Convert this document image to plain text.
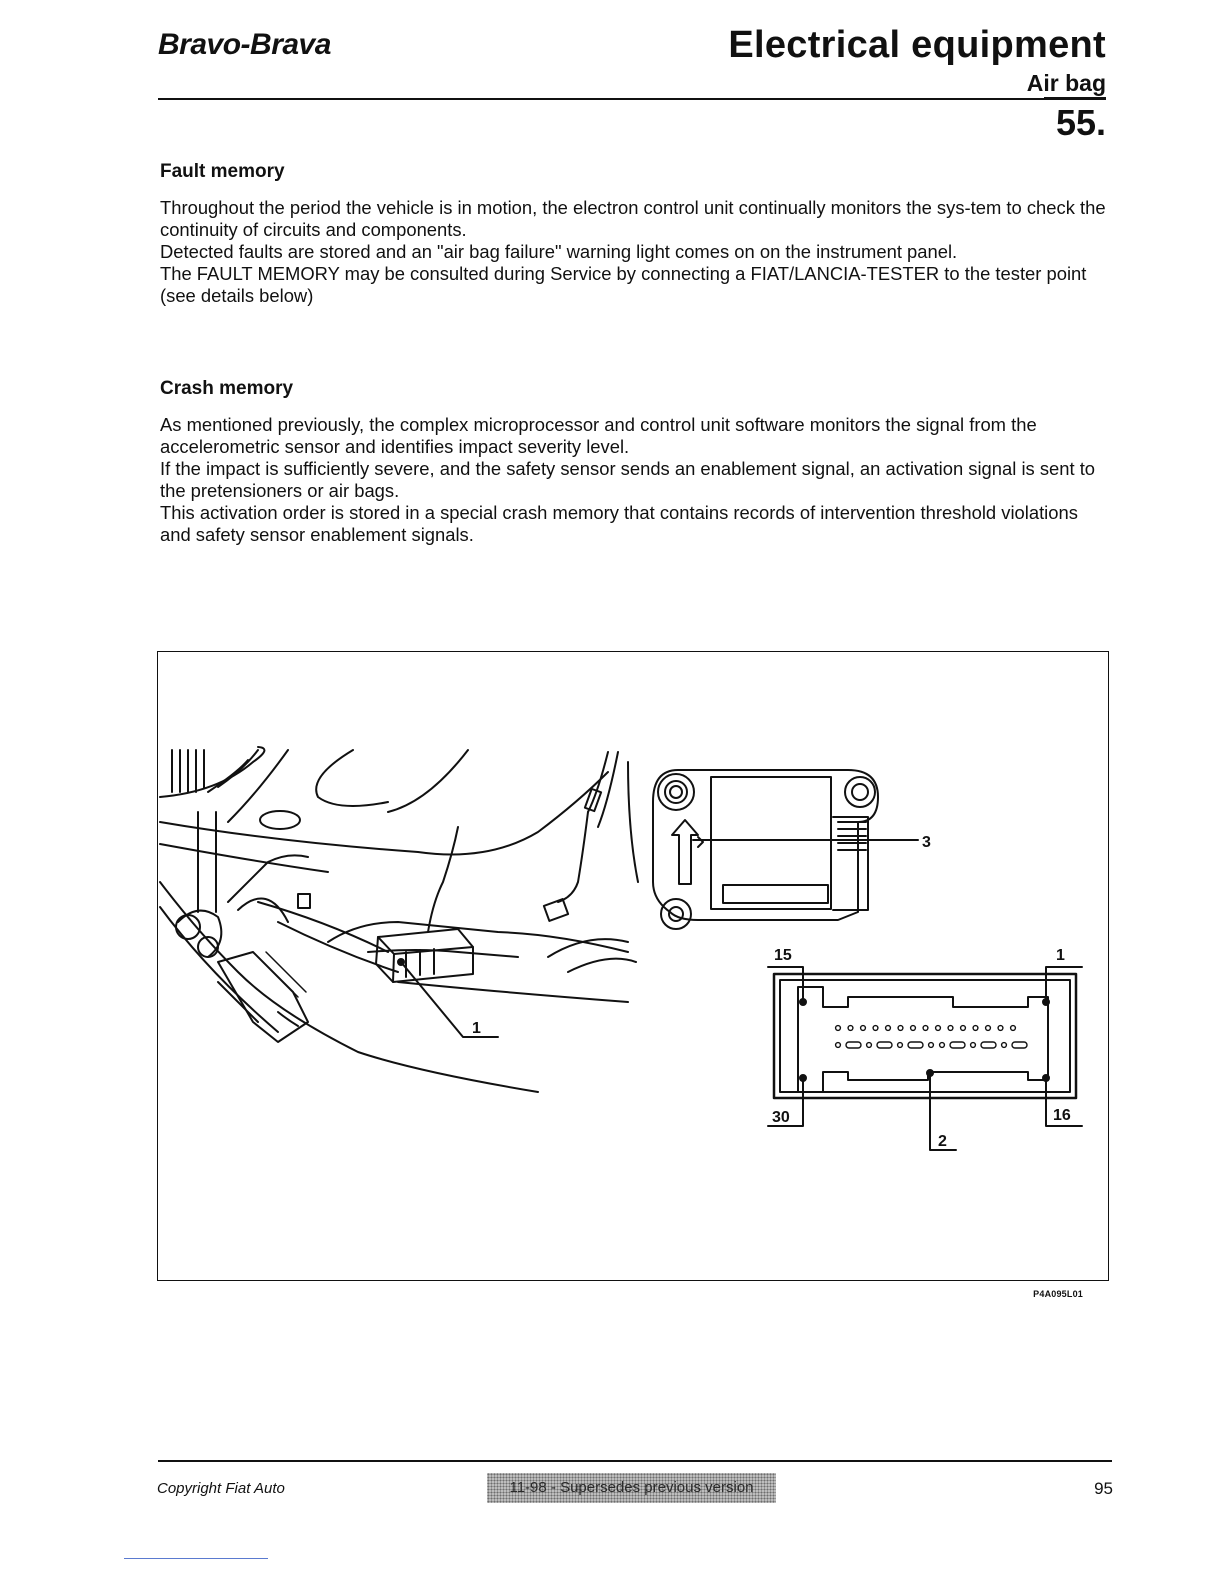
Bravo-Brava	Electrical equipment
Air bag
55.
Fault memory

Throughout the period the vehicle is in motion, the electron control unit continually monitors the sys-tem to check the continuity of circuits and components.

Detected faults are stored and an "air bag failure" warning light comes on on the instrument panel.

The FAULT MEMORY may be consulted during Service by connecting a FIAT/LANCIA-TESTER to the tester point (see details below)

Crash memory

As mentioned previously, the complex microprocessor and control unit software monitors the signal from the accelerometric sensor and identifies impact severity level.

If the impact is sufficiently severe, and the safety sensor sends an enablement signal, an activation signal is sent to the pretensioners or air bags.

This activation order is stored in a special crash memory that contains records of intervention threshold violations and safety sensor enablement signals.

1
3
15	1
30	16
2
P4A095L01
Copyright Fiat Auto	11-98 - Supersedes previous version	95
